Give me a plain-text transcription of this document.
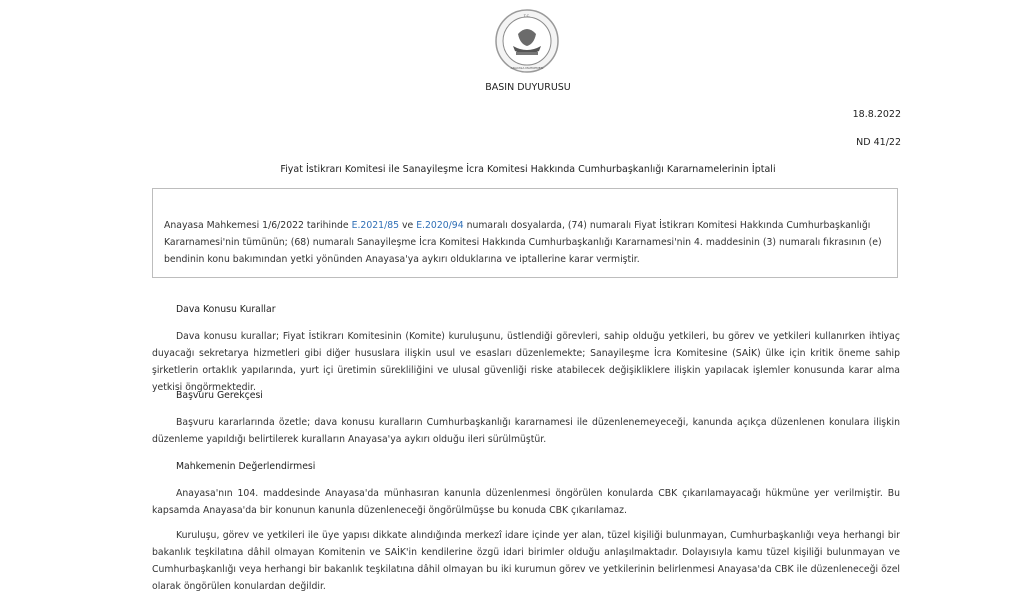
T.C.
ANAYASA MAHKEMESİ
BASIN DUYURUSU
18.8.2022
ND 41/22
Fiyat İstikrarı Komitesi ile Sanayileşme İcra Komitesi Hakkında Cumhurbaşkanlığı Kararnamelerinin İptali
Anayasa Mahkemesi 1/6/2022 tarihinde E.2021/85 ve E.2020/94 numaralı dosyalarda, (74) numaralı Fiyat İstikrarı Komitesi Hakkında Cumhurbaşkanlığı Kararnamesi'nin tümünün; (68) numaralı Sanayileşme İcra Komitesi Hakkında Cumhurbaşkanlığı Kararnamesi'nin 4. maddesinin (3) numaralı fıkrasının (e) bendinin konu bakımından yetki yönünden Anayasa'ya aykırı olduklarına ve iptallerine karar vermiştir.
Dava Konusu Kurallar
Dava konusu kurallar; Fiyat İstikrarı Komitesinin (Komite) kuruluşunu, üstlendiği görevleri, sahip olduğu yetkileri, bu görev ve yetkileri kullanırken ihtiyaç duyacağı sekretarya hizmetleri gibi diğer hususlara ilişkin usul ve esasları düzenlemekte; Sanayileşme İcra Komitesine (SAİK) ülke için kritik öneme sahip şirketlerin ortaklık yapılarında, yurt içi üretimin sürekliliğini ve ulusal güvenliği riske atabilecek değişikliklere ilişkin yapılacak işlemler konusunda karar alma yetkisi öngörmektedir.
Başvuru Gerekçesi
Başvuru kararlarında özetle; dava konusu kuralların Cumhurbaşkanlığı kararnamesi ile düzenlenemeyeceği, kanunda açıkça düzenlenen konulara ilişkin düzenleme yapıldığı belirtilerek kuralların Anayasa'ya aykırı olduğu ileri sürülmüştür.
Mahkemenin Değerlendirmesi
Anayasa'nın 104. maddesinde Anayasa'da münhasıran kanunla düzenlenmesi öngörülen konularda CBK çıkarılamayacağı hükmüne yer verilmiştir. Bu kapsamda Anayasa'da bir konunun kanunla düzenleneceği öngörülmüşse bu konuda CBK çıkarılamaz.
Kuruluşu, görev ve yetkileri ile üye yapısı dikkate alındığında merkezî idare içinde yer alan, tüzel kişiliği bulunmayan, Cumhurbaşkanlığı veya herhangi bir bakanlık teşkilatına dâhil olmayan Komitenin ve SAİK'in kendilerine özgü idari birimler olduğu anlaşılmaktadır. Dolayısıyla kamu tüzel kişiliği bulunmayan ve Cumhurbaşkanlığı veya herhangi bir bakanlık teşkilatına dâhil olmayan bu iki kurumun görev ve yetkilerinin belirlenmesi Anayasa'da CBK ile düzenleneceği özel olarak öngörülen konulardan değildir.
